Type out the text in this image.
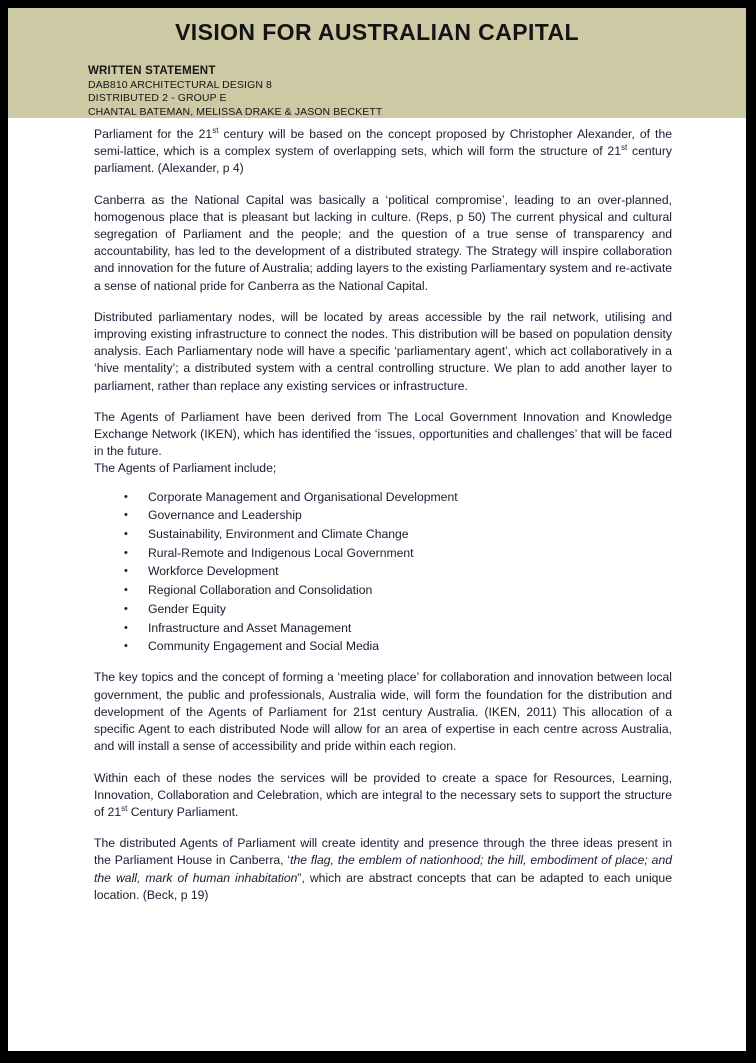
VISION FOR AUSTRALIAN CAPITAL
WRITTEN STATEMENT
DAB810 ARCHITECTURAL DESIGN 8
DISTRIBUTED 2 - GROUP E
CHANTAL BATEMAN, MELISSA DRAKE & JASON BECKETT

Parliament for the 21st century will be based on the concept proposed by Christopher Alexander, of the semi-lattice, which is a complex system of overlapping sets, which will form the structure of 21st century parliament. (Alexander, p 4)

Canberra as the National Capital was basically a ‘political compromise’, leading to an over-planned, homogenous place that is pleasant but lacking in culture. (Reps, p 50) The current physical and cultural segregation of Parliament and the people; and the question of a true sense of transparency and accountability, has led to the development of a distributed strategy. The Strategy will inspire collaboration and innovation for the future of Australia; adding layers to the existing Parliamentary system and re-activate a sense of national pride for Canberra as the National Capital.

Distributed parliamentary nodes, will be located by areas accessible by the rail network, utilising and improving existing infrastructure to connect the nodes. This distribution will be based on population density analysis. Each Parliamentary node will have a specific ‘parliamentary agent’, which act collaboratively in a ‘hive mentality’; a distributed system with a central controlling structure. We plan to add another layer to parliament, rather than replace any existing services or infrastructure.

The Agents of Parliament have been derived from The Local Government Innovation and Knowledge Exchange Network (IKEN), which has identified the ‘issues, opportunities and challenges’ that will be faced in the future.

The Agents of Parliament include;

• Corporate Management and Organisational Development
• Governance and Leadership
• Sustainability, Environment and Climate Change
• Rural-Remote and Indigenous Local Government
• Workforce Development
• Regional Collaboration and Consolidation
• Gender Equity
• Infrastructure and Asset Management
• Community Engagement and Social Media

The key topics and the concept of forming a ‘meeting place’ for collaboration and innovation between local government, the public and professionals, Australia wide, will form the foundation for the distribution and development of the Agents of Parliament for 21st century Australia. (IKEN, 2011) This allocation of a specific Agent to each distributed Node will allow for an area of expertise in each centre across Australia, and will install a sense of accessibility and pride within each region.

Within each of these nodes the services will be provided to create a space for Resources, Learning, Innovation, Collaboration and Celebration, which are integral to the necessary sets to support the structure of 21st Century Parliament.

The distributed Agents of Parliament will create identity and presence through the three ideas present in the Parliament House in Canberra, ‘the flag, the emblem of nationhood; the hill, embodiment of place; and the wall, mark of human inhabitation”, which are abstract concepts that can be adapted to each unique location. (Beck, p 19)
